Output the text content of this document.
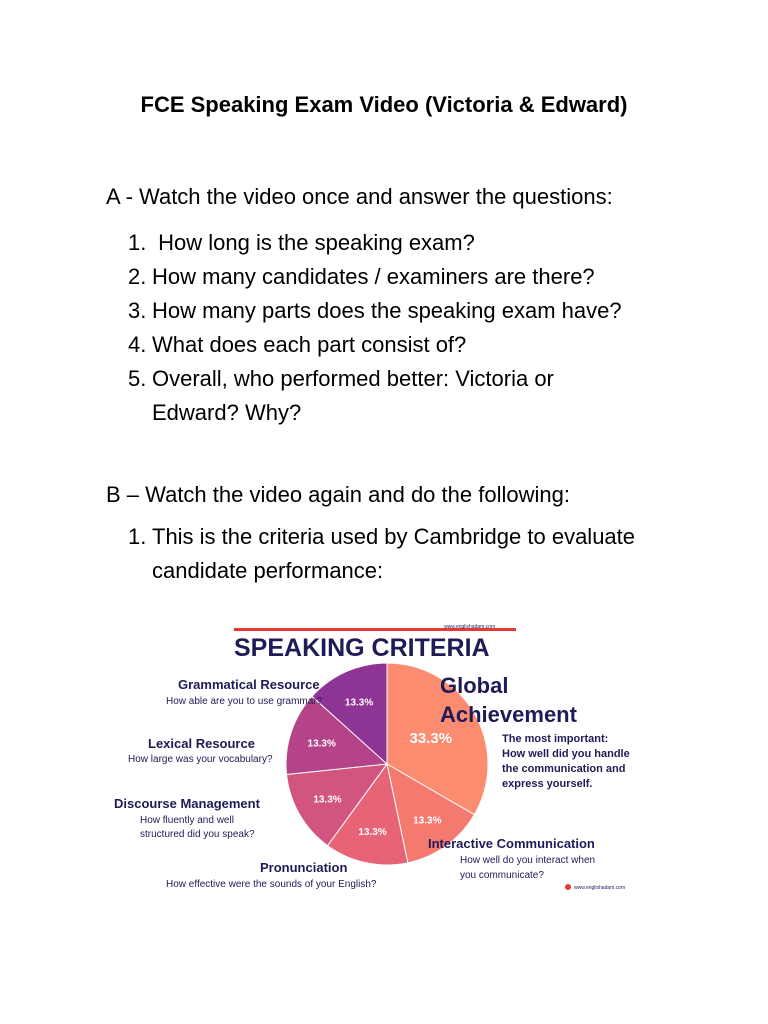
FCE Speaking Exam Video (Victoria & Edward)
A - Watch the video once and answer the questions:
1. How long is the speaking exam?
2. How many candidates / examiners are there?
3. How many parts does the speaking exam have?
4. What does each part consist of?
5. Overall, who performed better: Victoria or
Edward? Why?
B – Watch the video again and do the following:
1. This is the criteria used by Cambridge to evaluate
candidate performance:
www.englishadam.com
SPEAKING CRITERIA
33.3%
13.3%
13.3%
13.3%
13.3%
13.3%
Global
Achievement
The most important:
How well did you handle
the communication and
express yourself.
Grammatical Resource
How able are you to use grammar?
Lexical Resource
How large was your vocabulary?
Discourse Management
How fluently and well
structured did you speak?
Pronunciation
How effective were the sounds of your English?
Interactive Communication
How well do you interact when
you communicate?
www.englishadam.com
